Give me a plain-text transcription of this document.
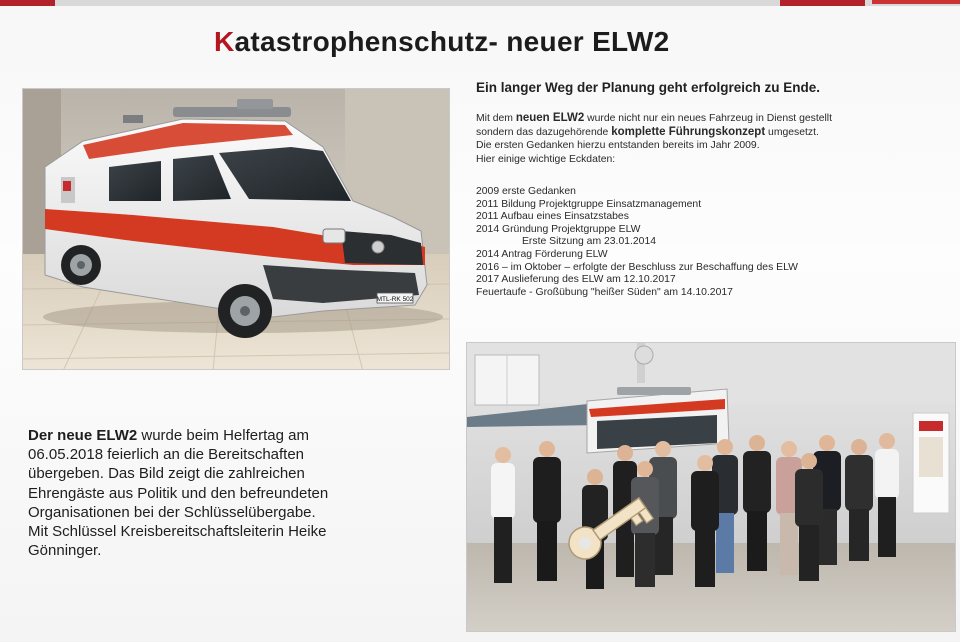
Katastrophenschutz- neuer ELW2
MTL-RK 502
Ein langer Weg der Planung geht erfolgreich zu Ende.
Mit dem neuen ELW2 wurde nicht nur ein neues Fahrzeug in Dienst gestellt
sondern das dazugehörende komplette Führungskonzept umgesetzt.
Die ersten Gedanken hierzu entstanden bereits im Jahr 2009.
Hier einige wichtige Eckdaten:
2009 erste Gedanken
2011 Bildung Projektgruppe Einsatzmanagement
2011 Aufbau eines Einsatzstabes
2014 Gründung Projektgruppe ELW
Erste Sitzung am 23.01.2014
2014 Antrag Förderung ELW
2016 – im Oktober – erfolgte der Beschluss zur Beschaffung des ELW
2017 Auslieferung des ELW am 12.10.2017
Feuertaufe - Großübung "heißer Süden" am 14.10.2017
Der neue ELW2 wurde beim Helfertag am
06.05.2018 feierlich an die Bereitschaften
übergeben. Das Bild zeigt die zahlreichen
Ehrengäste aus Politik und den befreundeten
Organisationen bei der Schlüsselübergabe.
Mit Schlüssel Kreisbereitschaftsleiterin Heike
Gönninger.
